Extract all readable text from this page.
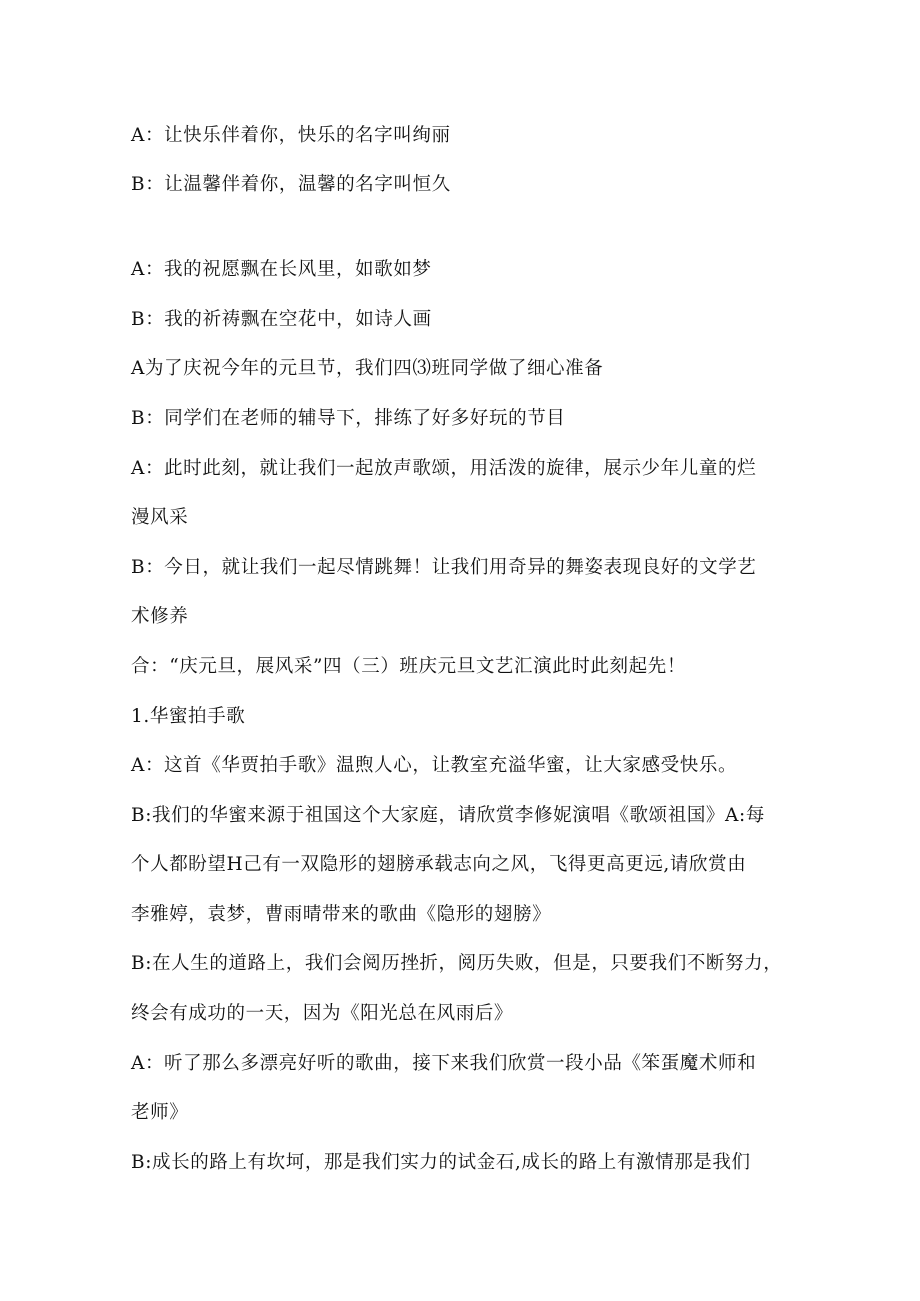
A：让快乐伴着你，快乐的名字叫绚丽
B：让温馨伴着你，温馨的名字叫恒久
A：我的祝愿飘在长风里，如歌如梦
B：我的祈祷飘在空花中，如诗人画
A为了庆祝今年的元旦节，我们四⑶班同学做了细心准备
B：同学们在老师的辅导下，排练了好多好玩的节目
A：此时此刻，就让我们一起放声歌颂，用活泼的旋律，展示少年儿童的烂
漫风采
B：今日，就让我们一起尽情跳舞！让我们用奇异的舞姿表现良好的文学艺
术修养
合：“庆元旦，展风采”四（三）班庆元旦文艺汇演此时此刻起先！
1.华蜜拍手歌
A：这首《华贾拍手歌》温煦人心，让教室充溢华蜜，让大家感受快乐。
B:我们的华蜜来源于祖国这个大家庭，请欣赏李修妮演唱《歌颂祖国》A:每
个人都盼望H己有一双隐形的翅膀承载志向之风，飞得更高更远,请欣赏由
李雅婷，袁梦，曹雨晴带来的歌曲《隐形的翅膀》
B:在人生的道路上，我们会阅历挫折，阅历失败，但是，只要我们不断努力，
终会有成功的一天，因为《阳光总在风雨后》
A：听了那么多漂亮好听的歌曲，接下来我们欣赏一段小品《笨蛋魔术师和
老师》
B:成长的路上有坎坷，那是我们实力的试金石,成长的路上有激情那是我们
